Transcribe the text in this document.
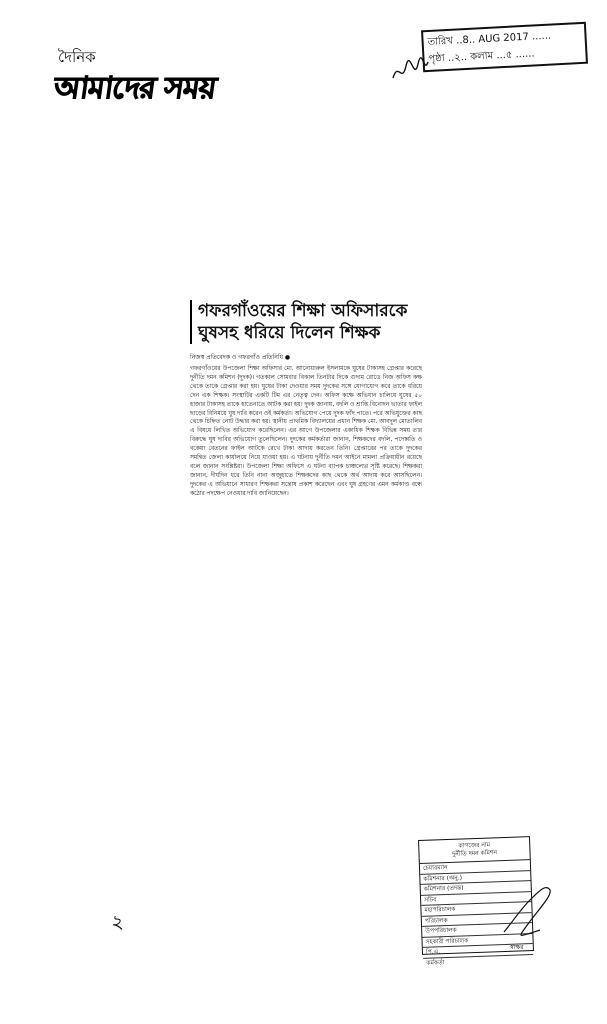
দৈনিক
আমাদের সময়
তারিখ ..8.. AUG 2017 ......
পৃষ্ঠা ..২.. কলাম ...৫ ......
গফরগাঁওয়ের শিক্ষা অফিসারকে ঘুষসহ ধরিয়ে দিলেন শিক্ষক
নিজস্ব প্রতিবেদক ও গফরগাঁও প্রতিনিধি ●
গফরগাঁওয়ের উপজেলা শিক্ষা অফিসার মো. আনোয়ারুল ইসলামকে ঘুষের টাকাসহ গ্রেপ্তার করেছে দুর্নীতি দমন কমিশন (দুদক)। গতকাল সোমবার বিকাল তিনটার দিকে গুদাম রোডে নিজ অফিস কক্ষ থেকে তাকে গ্রেপ্তার করা হয়। ঘুষের টাকা দেওয়ার সময় দুদকের সঙ্গে যোগাযোগ করে তাকে ধরিয়ে দেন এক শিক্ষক। সংস্থাটির একটি টিম এর নেতৃত্ব দেন। অফিস কক্ষে অভিযান চালিয়ে ঘুষের ৫০ হাজার টাকাসহ তাকে হাতেনাতে আটক করা হয়। দুদক জানায়, বদলি ও শ্রান্তি বিনোদন ভাতার ফাইল ছাড়ের বিনিময়ে ঘুষ দাবি করেন ওই কর্মকর্তা। অভিযোগ পেয়ে দুদক ফাঁদ পাতে। পরে অভিযুক্তের কাছ থেকে চিহ্নিত নোট উদ্ধার করা হয়। স্থানীয় প্রাথমিক বিদ্যালয়ের প্রধান শিক্ষক মো. আবদুল মোতালিব এ বিষয়ে লিখিত অভিযোগ করেছিলেন। এর আগে উপজেলার একাধিক শিক্ষক বিভিন্ন সময় তার বিরুদ্ধে ঘুষ দাবির অভিযোগ তুলেছিলেন। দুদকের কর্মকর্তারা জানান, শিক্ষকদের বদলি, পদোন্নতি ও বকেয়া বেতনের ফাইল আটকে রেখে টাকা আদায় করতেন তিনি। গ্রেপ্তারের পর তাকে দুদকের সমন্বিত জেলা কার্যালয়ে নিয়ে যাওয়া হয়। এ ঘটনায় দুর্নীতি দমন আইনে মামলা প্রক্রিয়াধীন রয়েছে বলে জানান সংশ্লিষ্টরা। উপজেলা শিক্ষা অফিসে এ ঘটনা ব্যাপক চাঞ্চল্যের সৃষ্টি করেছে। শিক্ষকরা জানান, দীর্ঘদিন ধরে তিনি নানা অজুহাতে শিক্ষকদের কাছ থেকে অর্থ আদায় করে আসছিলেন। দুদকের এ অভিযানে সাধারণ শিক্ষকরা সন্তোষ প্রকাশ করেছেন এবং ঘুষ গ্রহণের এমন কর্মকাণ্ড বন্ধে কঠোর পদক্ষেপ নেওয়ার দাবি জানিয়েছেন।
২
কাগজের নাম
দুর্নীতি দমন কমিশন
চেয়ারম্যান
কমিশনার (অনু.)
কমিশনার (তদন্ত)
সচিব
মহাপরিচালক
পরিচালক
উপপরিচালক
সহকারী পরিচালক
পি.এ.
কর্মকর্তা
স্বাক্ষর
